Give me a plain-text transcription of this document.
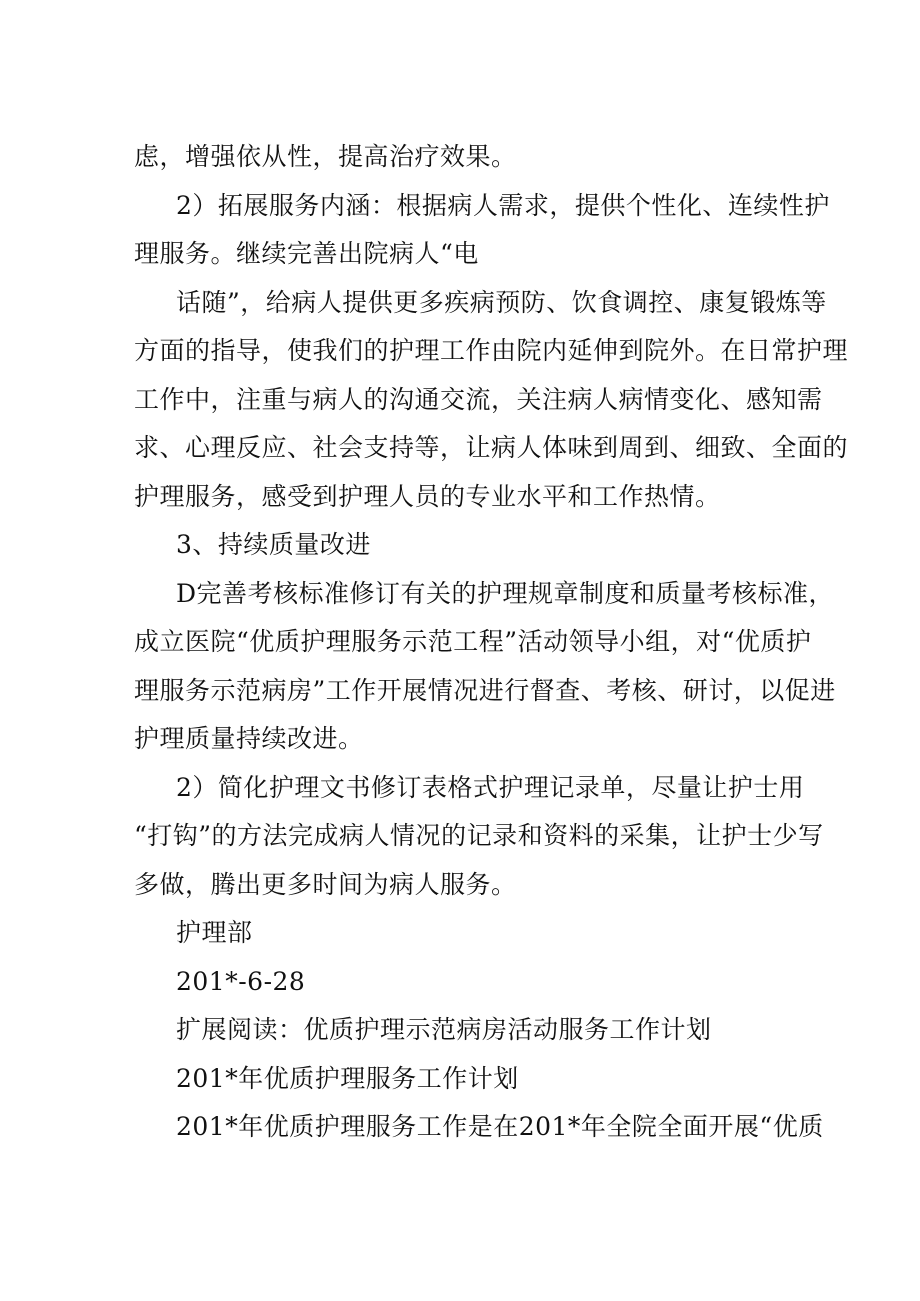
虑，增强依从性，提高治疗效果。
2）拓展服务内涵：根据病人需求，提供个性化、连续性护
理服务。继续完善出院病人“电
话随”，给病人提供更多疾病预防、饮食调控、康复锻炼等
方面的指导，使我们的护理工作由院内延伸到院外。在日常护理
工作中，注重与病人的沟通交流，关注病人病情变化、感知需
求、心理反应、社会支持等，让病人体味到周到、细致、全面的
护理服务，感受到护理人员的专业水平和工作热情。
3、持续质量改进
D完善考核标准修订有关的护理规章制度和质量考核标准，
成立医院“优质护理服务示范工程”活动领导小组，对“优质护
理服务示范病房”工作开展情况进行督查、考核、研讨，以促进
护理质量持续改进。
2）简化护理文书修订表格式护理记录单，尽量让护士用
“打钩”的方法完成病人情况的记录和资料的采集，让护士少写
多做，腾出更多时间为病人服务。
护理部
201*-6-28
扩展阅读：优质护理示范病房活动服务工作计划
201*年优质护理服务工作计划
201*年优质护理服务工作是在201*年全院全面开展“优质
